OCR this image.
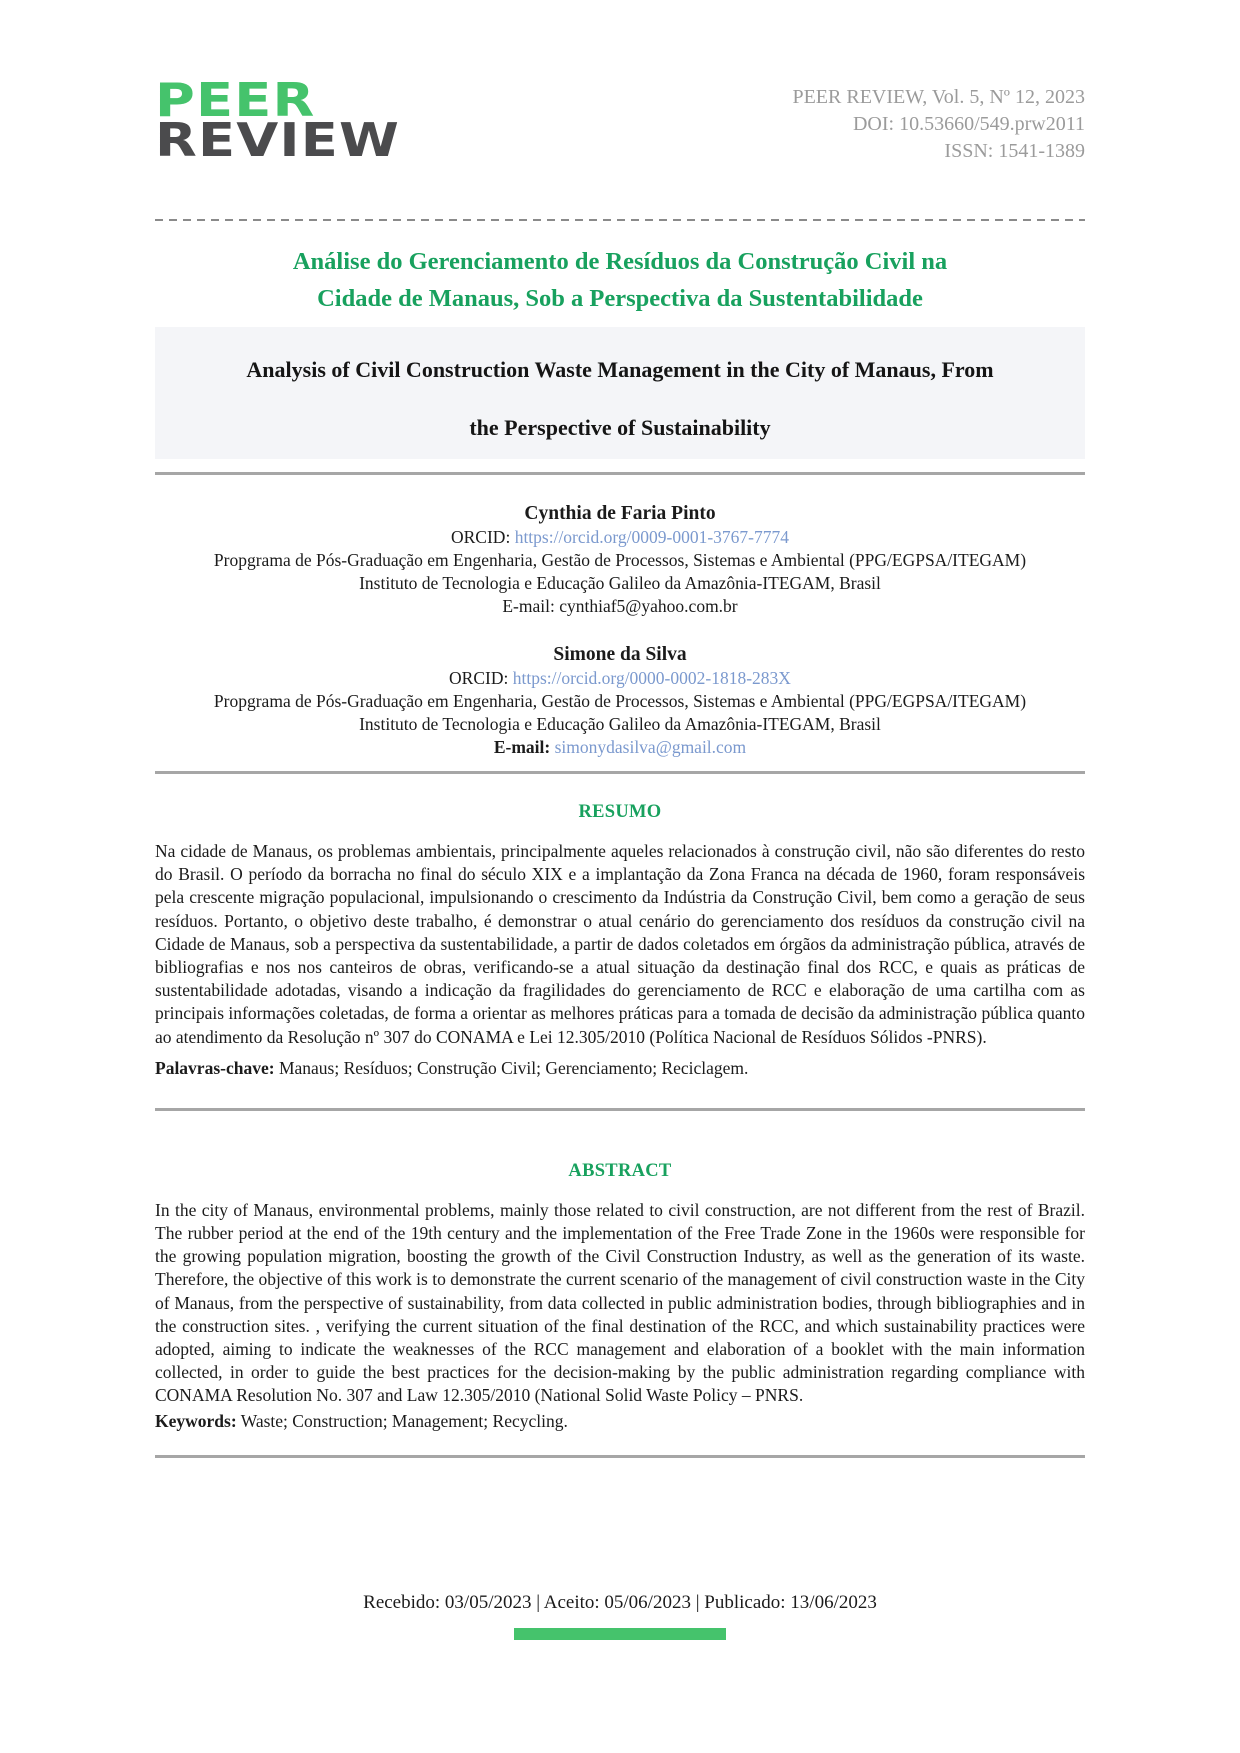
PEER
REVIEW
PEER REVIEW, Vol. 5, Nº 12, 2023
DOI: 10.53660/549.prw2011
ISSN: 1541-1389
Análise do Gerenciamento de Resíduos da Construção Civil na
Cidade de Manaus, Sob a Perspectiva da Sustentabilidade
Analysis of Civil Construction Waste Management in the City of Manaus, From
the Perspective of Sustainability
Cynthia de Faria Pinto
ORCID: https://orcid.org/0009-0001-3767-7774
Propgrama de Pós-Graduação em Engenharia, Gestão de Processos, Sistemas e Ambiental (PPG/EGPSA/ITEGAM)
Instituto de Tecnologia e Educação Galileo da Amazônia-ITEGAM, Brasil
E-mail: cynthiaf5@yahoo.com.br
Simone da Silva
ORCID: https://orcid.org/0000-0002-1818-283X
Propgrama de Pós-Graduação em Engenharia, Gestão de Processos, Sistemas e Ambiental (PPG/EGPSA/ITEGAM)
Instituto de Tecnologia e Educação Galileo da Amazônia-ITEGAM, Brasil
E-mail: simonydasilva@gmail.com
RESUMO

Na cidade de Manaus, os problemas ambientais, principalmente aqueles relacionados à construção civil, não são diferentes do resto do Brasil. O período da borracha no final do século XIX e a implantação da Zona Franca na década de 1960, foram responsáveis pela crescente migração populacional, impulsionando o crescimento da Indústria da Construção Civil, bem como a geração de seus resíduos. Portanto, o objetivo deste trabalho, é demonstrar o atual cenário do gerenciamento dos resíduos da construção civil na Cidade de Manaus, sob a perspectiva da sustentabilidade, a partir de dados coletados em órgãos da administração pública, através de bibliografias e nos nos canteiros de obras, verificando-se a atual situação da destinação final dos RCC, e quais as práticas de sustentabilidade adotadas, visando a indicação da fragilidades do gerenciamento de RCC e elaboração de uma cartilha com as principais informações coletadas, de forma a orientar as melhores práticas para a tomada de decisão da administração pública quanto ao atendimento da Resolução nº 307 do CONAMA e Lei 12.305/2010 (Política Nacional de Resíduos Sólidos -PNRS).

Palavras-chave: Manaus; Resíduos; Construção Civil; Gerenciamento; Reciclagem.

ABSTRACT

In the city of Manaus, environmental problems, mainly those related to civil construction, are not different from the rest of Brazil. The rubber period at the end of the 19th century and the implementation of the Free Trade Zone in the 1960s were responsible for the growing population migration, boosting the growth of the Civil Construction Industry, as well as the generation of its waste. Therefore, the objective of this work is to demonstrate the current scenario of the management of civil construction waste in the City of Manaus, from the perspective of sustainability, from data collected in public administration bodies, through bibliographies and in the construction sites. , verifying the current situation of the final destination of the RCC, and which sustainability practices were adopted, aiming to indicate the weaknesses of the RCC management and elaboration of a booklet with the main information collected, in order to guide the best practices for the decision-making by the public administration regarding compliance with CONAMA Resolution No. 307 and Law 12.305/2010 (National Solid Waste Policy – PNRS.

Keywords: Waste; Construction; Management; Recycling.

Recebido: 03/05/2023 | Aceito: 05/06/2023 | Publicado: 13/06/2023
